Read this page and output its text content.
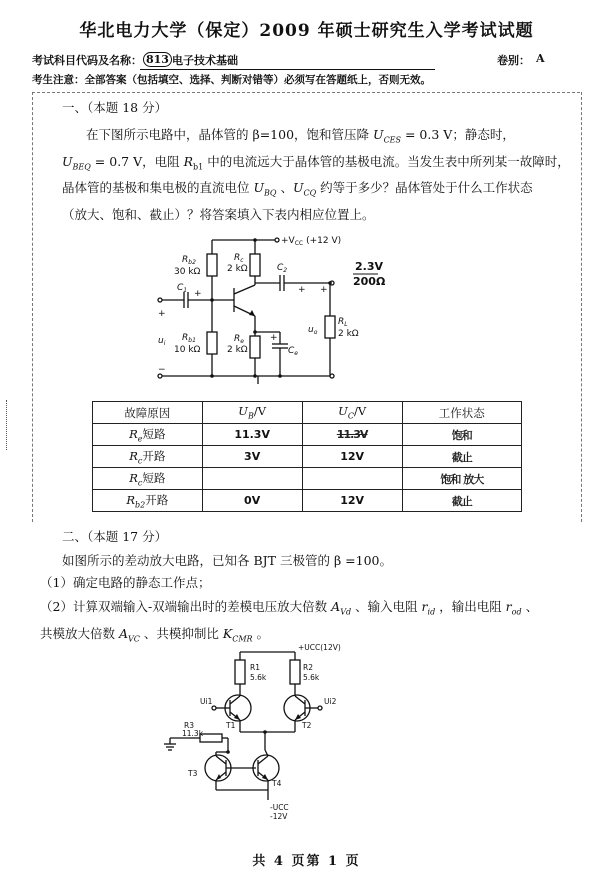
华北电力大学（保定）2009 年硕士研究生入学考试试题
考试科目代码及名称： 813 电子技术基础	卷别： A
考生注意：全部答案（包括填空、选择、判断对错等）必须写在答题纸上，否则无效。
一、（本题 18 分）
在下图所示电路中，晶体管的 β=100，饱和管压降 $U_{CES} = 0.3$ V；静态时，
$U_{BEQ} = 0.7$ V，电阻 $R_{b1}$ 中的电流远大于晶体管的基极电流。当发生表中所列某一故障时，
晶体管的基极和集电极的直流电位 $U_{BQ}$ 、$U_{CQ}$ 约等于多少？晶体管处于什么工作状态
（放大、饱和、截止）？将答案填入下表内相应位置上。
$+V_{CC}$ (+12 V)
$R_{b2}$
30 kΩ
$R_c$
2 kΩ	$C_2$
$C_1$
$R_{b1}$
10 kΩ
$R_e$
2 kΩ	$C_e$
$R_L$
2 kΩ
$u_i$
$u_o$
+
+	+ +
+
−
2.3V
200Ω
故障原因	$U_B/V$	$U_C/V$	工作状态
$R_e$短路	11.3V	11.3V	饱和
$R_c$开路	3V	12V	截止
$R_c$短路			饱和 放大
$R_{b2}$开路	0V	12V	截止
二、（本题 17 分）
如图所示的差动放大电路，已知各 BJT 三极管的 β =100。
（1）确定电路的静态工作点；
（2）计算双端输入-双端输出时的差模电压放大倍数 $A_{Vd}$ 、输入电阻 $r_{id}$ ，输出电阻 $r_{od}$ 、
共模放大倍数 $A_{VC}$ 、共模抑制比 $K_{CMR}$ 。
+UCC(12V)
R1
5.6k
R2
5.6k
Ui1	Ui2
T1	T2
R3
11.3k
T3
T4
-UCC
-12V
共 4 页第 1 页
